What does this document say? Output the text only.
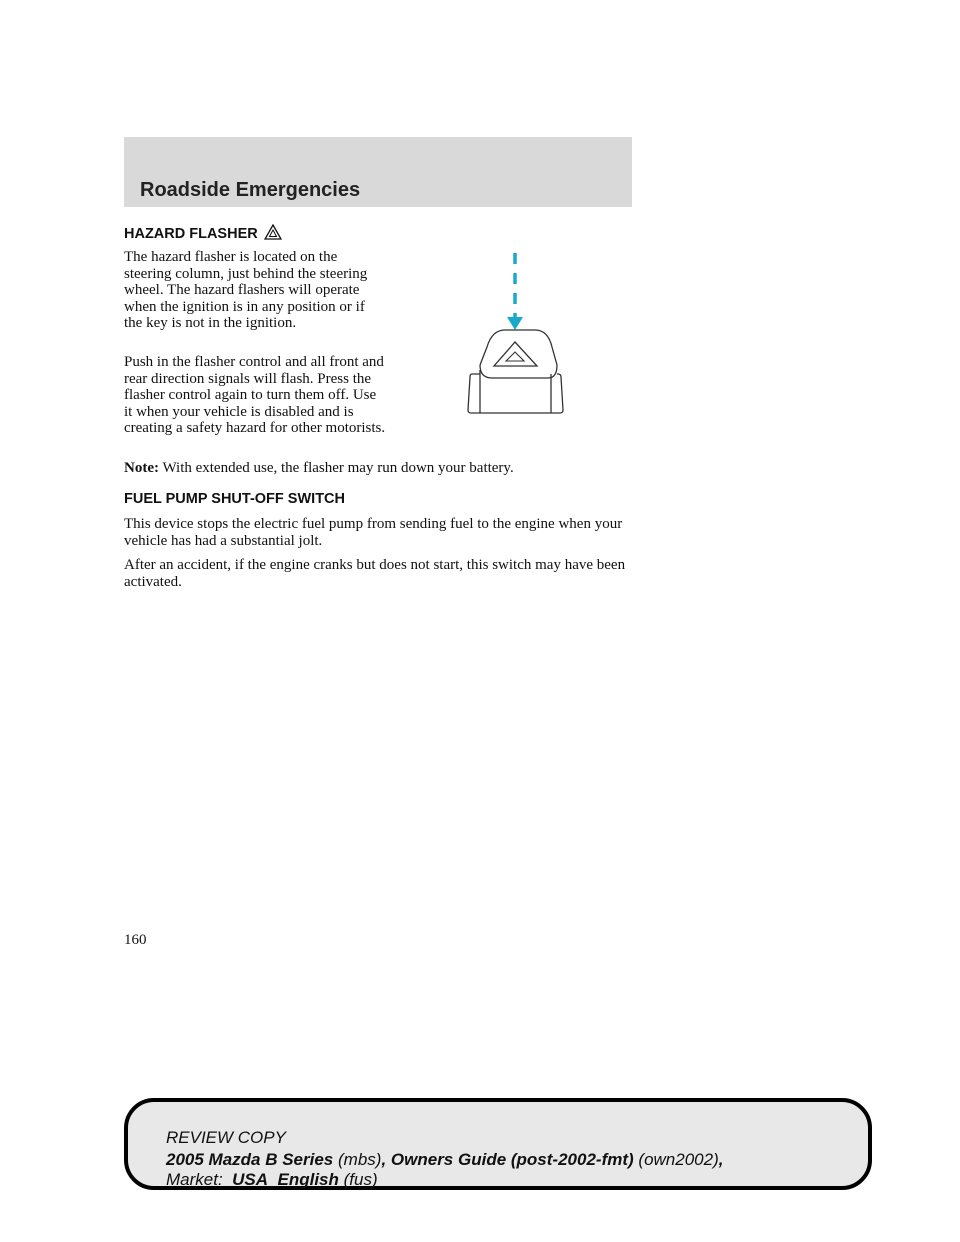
Roadside Emergencies
HAZARD FLASHER

The hazard flasher is located on the steering column, just behind the steering wheel. The hazard flashers will operate when the ignition is in any position or if the key is not in the ignition.

Push in the flasher control and all front and rear direction signals will flash. Press the flasher control again to turn them off. Use it when your vehicle is disabled and is creating a safety hazard for other motorists.

Note: With extended use, the flasher may run down your battery.

FUEL PUMP SHUT-OFF SWITCH

This device stops the electric fuel pump from sending fuel to the engine when your vehicle has had a substantial jolt.

After an accident, if the engine cranks but does not start, this switch may have been activated.

160
REVIEW COPY
2005 Mazda B Series (mbs), Owners Guide (post-2002-fmt) (own2002),
Market: USA_English (fus)
